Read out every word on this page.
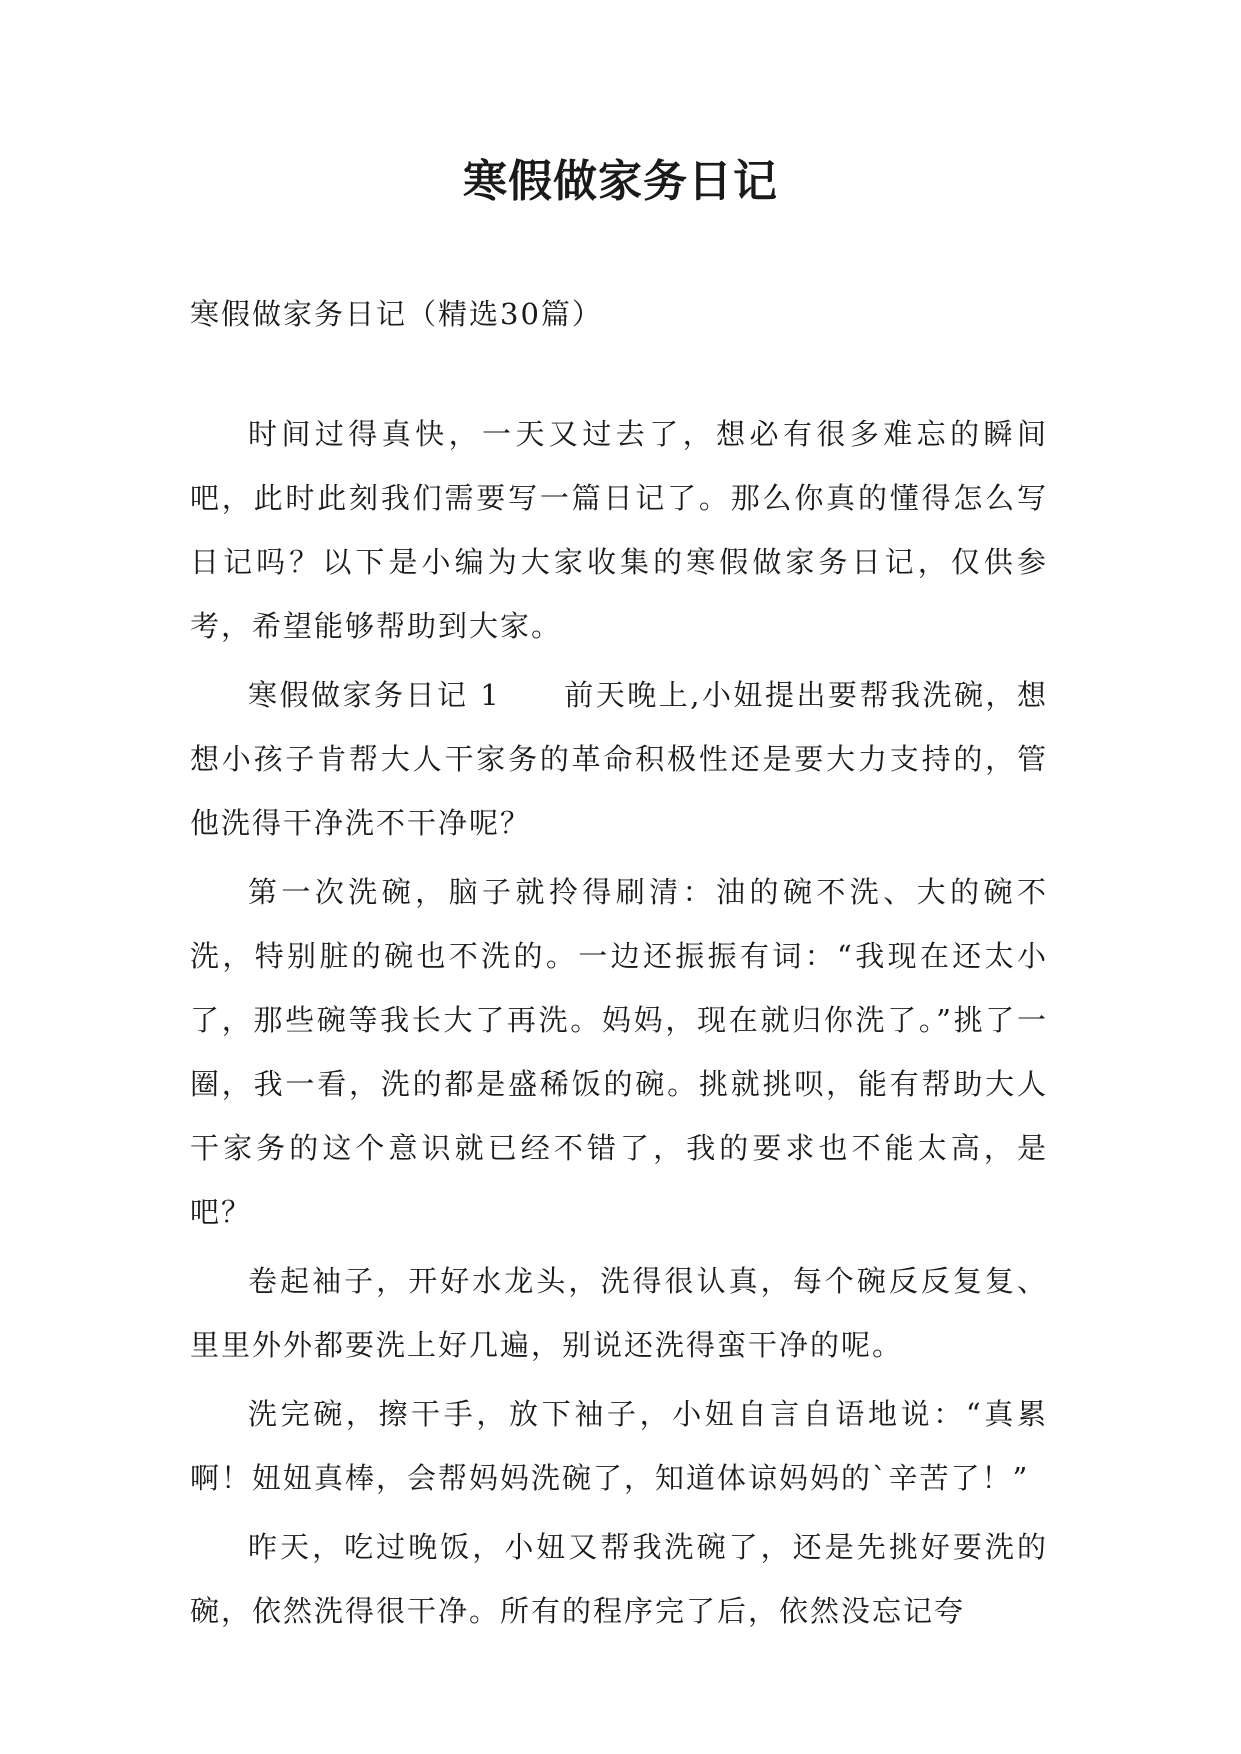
寒假做家务日记

寒假做家务日记（精选30篇）

时间过得真快，一天又过去了，想必有很多难忘的瞬间吧，此时此刻我们需要写一篇日记了。那么你真的懂得怎么写日记吗？以下是小编为大家收集的寒假做家务日记，仅供参考，希望能够帮助到大家。

寒假做家务日记 1　　前天晚上,小妞提出要帮我洗碗，想想小孩子肯帮大人干家务的革命积极性还是要大力支持的，管他洗得干净洗不干净呢？

第一次洗碗，脑子就拎得刷清：油的碗不洗、大的碗不洗，特别脏的碗也不洗的。一边还振振有词：“我现在还太小了，那些碗等我长大了再洗。妈妈，现在就归你洗了。”挑了一圈，我一看，洗的都是盛稀饭的碗。挑就挑呗，能有帮助大人干家务的这个意识就已经不错了，我的要求也不能太高，是吧？

卷起袖子，开好水龙头，洗得很认真，每个碗反反复复、里里外外都要洗上好几遍，别说还洗得蛮干净的呢。

洗完碗，擦干手，放下袖子，小妞自言自语地说：“真累啊！妞妞真棒，会帮妈妈洗碗了，知道体谅妈妈的`辛苦了！”

昨天，吃过晚饭，小妞又帮我洗碗了，还是先挑好要洗的碗，依然洗得很干净。所有的程序完了后，依然没忘记夸
